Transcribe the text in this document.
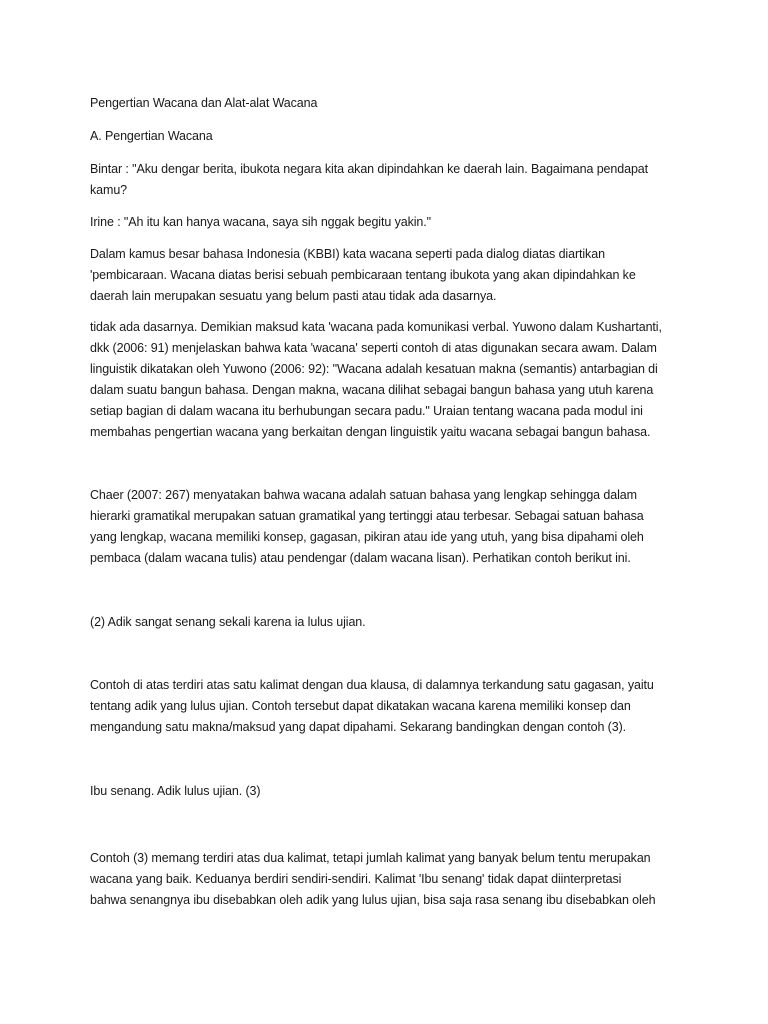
Pengertian Wacana dan Alat-alat Wacana

A. Pengertian Wacana

Bintar : "Aku dengar berita, ibukota negara kita akan dipindahkan ke daerah lain. Bagaimana pendapat

kamu?

Irine : "Ah itu kan hanya wacana, saya sih nggak begitu yakin."

Dalam kamus besar bahasa Indonesia (KBBI) kata wacana seperti pada dialog diatas diartikan

'pembicaraan. Wacana diatas berisi sebuah pembicaraan tentang ibukota yang akan dipindahkan ke

daerah lain merupakan sesuatu yang belum pasti atau tidak ada dasarnya.

tidak ada dasarnya. Demikian maksud kata 'wacana pada komunikasi verbal. Yuwono dalam Kushartanti,

dkk (2006: 91) menjelaskan bahwa kata 'wacana' seperti contoh di atas digunakan secara awam. Dalam

linguistik dikatakan oleh Yuwono (2006: 92): "Wacana adalah kesatuan makna (semantis) antarbagian di

dalam suatu bangun bahasa. Dengan makna, wacana dilihat sebagai bangun bahasa yang utuh karena

setiap bagian di dalam wacana itu berhubungan secara padu." Uraian tentang wacana pada modul ini

membahas pengertian wacana yang berkaitan dengan linguistik yaitu wacana sebagai bangun bahasa.

Chaer (2007: 267) menyatakan bahwa wacana adalah satuan bahasa yang lengkap sehingga dalam

hierarki gramatikal merupakan satuan gramatikal yang tertinggi atau terbesar. Sebagai satuan bahasa

yang lengkap, wacana memiliki konsep, gagasan, pikiran atau ide yang utuh, yang bisa dipahami oleh

pembaca (dalam wacana tulis) atau pendengar (dalam wacana lisan). Perhatikan contoh berikut ini.

(2) Adik sangat senang sekali karena ia lulus ujian.

Contoh di atas terdiri atas satu kalimat dengan dua klausa, di dalamnya terkandung satu gagasan, yaitu

tentang adik yang lulus ujian. Contoh tersebut dapat dikatakan wacana karena memiliki konsep dan

mengandung satu makna/maksud yang dapat dipahami. Sekarang bandingkan dengan contoh (3).

Ibu senang. Adik lulus ujian. (3)

Contoh (3) memang terdiri atas dua kalimat, tetapi jumlah kalimat yang banyak belum tentu merupakan

wacana yang baik. Keduanya berdiri sendiri-sendiri. Kalimat 'Ibu senang' tidak dapat diinterpretasi

bahwa senangnya ibu disebabkan oleh adik yang lulus ujian, bisa saja rasa senang ibu disebabkan oleh
